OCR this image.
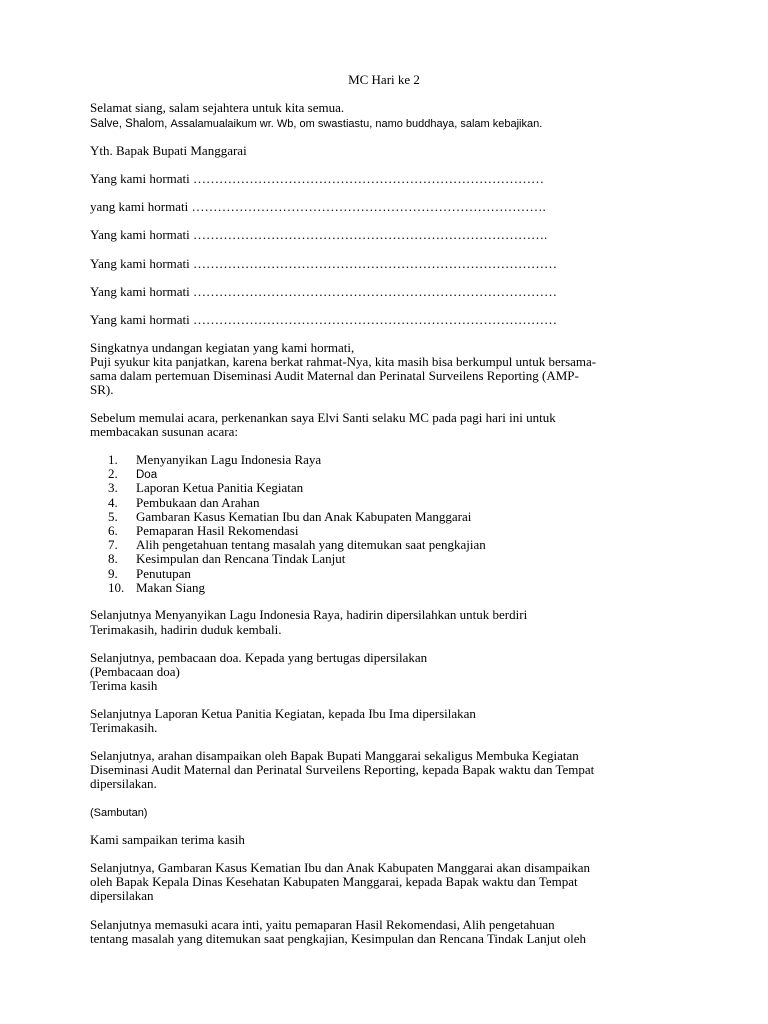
MC Hari ke 2
Selamat siang, salam sejahtera untuk kita semua.
Salve, Shalom, Assalamualaikum wr. Wb, om swastiastu, namo buddhaya, salam kebajikan.
Yth. Bapak Bupati Manggarai
Yang kami hormati ………………………………………………………………………
yang kami hormati ……………………………………………………………………….
Yang kami hormati ……………………………………………………………………….
Yang kami hormati …………………………………………………………………………
Yang kami hormati …………………………………………………………………………
Yang kami hormati …………………………………………………………………………
Singkatnya undangan kegiatan yang kami hormati,
Puji syukur kita panjatkan, karena berkat rahmat-Nya, kita masih bisa berkumpul untuk bersama-
sama dalam pertemuan Diseminasi Audit Maternal dan Perinatal Surveilens Reporting (AMP-
SR).
Sebelum memulai acara, perkenankan saya Elvi Santi selaku MC pada pagi hari ini untuk
membacakan susunan acara:
1. Menyanyikan Lagu Indonesia Raya
2. Doa
3. Laporan Ketua Panitia Kegiatan
4. Pembukaan dan Arahan
5. Gambaran Kasus Kematian Ibu dan Anak Kabupaten Manggarai
6. Pemaparan Hasil Rekomendasi
7. Alih pengetahuan tentang masalah yang ditemukan saat pengkajian
8. Kesimpulan dan Rencana Tindak Lanjut
9. Penutupan
10. Makan Siang
Selanjutnya Menyanyikan Lagu Indonesia Raya, hadirin dipersilahkan untuk berdiri
Terimakasih, hadirin duduk kembali.
Selanjutnya, pembacaan doa. Kepada yang bertugas dipersilakan
(Pembacaan doa)
Terima kasih
Selanjutnya Laporan Ketua Panitia Kegiatan, kepada Ibu Ima dipersilakan
Terimakasih.
Selanjutnya, arahan disampaikan oleh Bapak Bupati Manggarai sekaligus Membuka Kegiatan
Diseminasi Audit Maternal dan Perinatal Surveilens Reporting, kepada Bapak waktu dan Tempat
dipersilakan.
(Sambutan)
Kami sampaikan terima kasih
Selanjutnya, Gambaran Kasus Kematian Ibu dan Anak Kabupaten Manggarai akan disampaikan
oleh Bapak Kepala Dinas Kesehatan Kabupaten Manggarai, kepada Bapak waktu dan Tempat
dipersilakan
Selanjutnya memasuki acara inti, yaitu pemaparan Hasil Rekomendasi, Alih pengetahuan
tentang masalah yang ditemukan saat pengkajian, Kesimpulan dan Rencana Tindak Lanjut oleh
